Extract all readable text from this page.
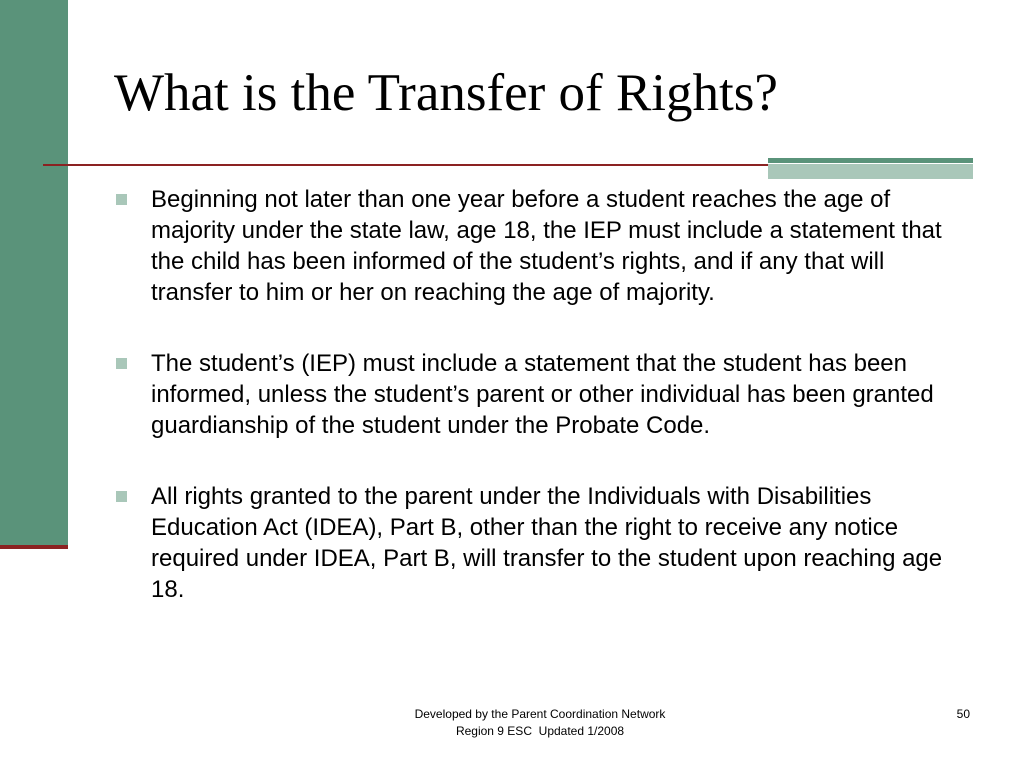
What is the Transfer of Rights?
Beginning not later than one year before a student reaches the age of majority under the state law, age 18, the IEP must include a statement that the child has been informed of the student’s rights, and if any that will transfer to him or her on reaching the age of majority.
The student’s (IEP) must include a statement that the student has been informed, unless the student’s parent or other individual has been granted guardianship of the student under the Probate Code.
All rights granted to the parent under the Individuals with Disabilities Education Act (IDEA), Part B, other than the right to receive any notice required under IDEA, Part B, will transfer to the student upon reaching age 18.
Developed by the Parent Coordination Network
Region 9 ESC  Updated 1/2008
50
